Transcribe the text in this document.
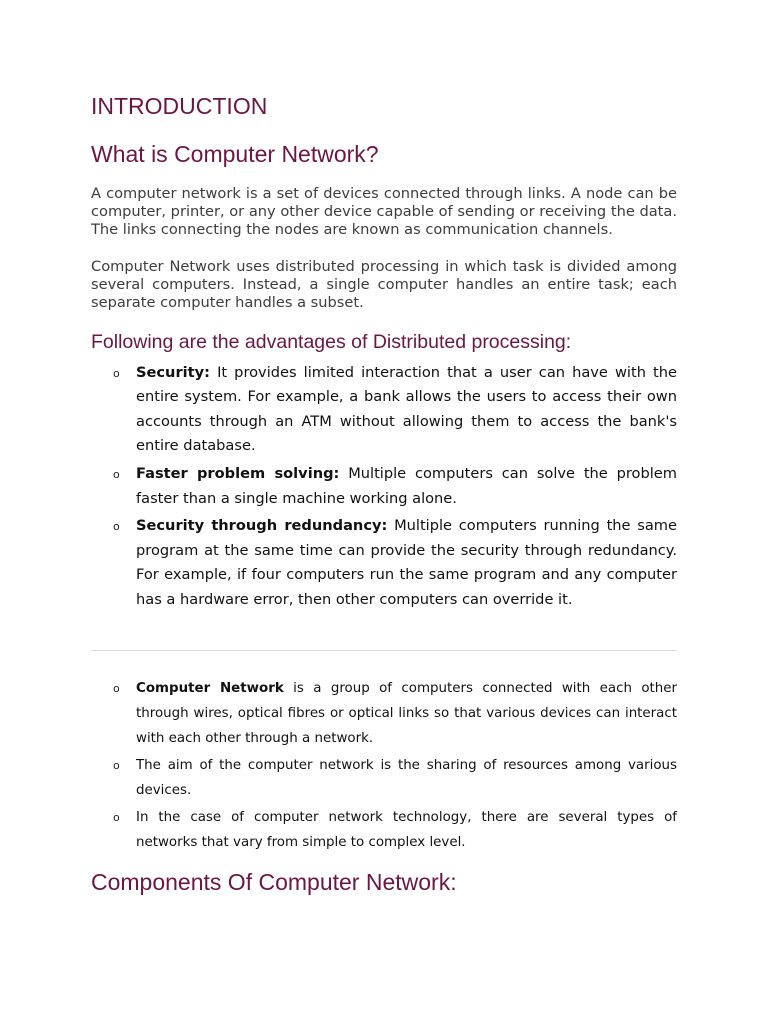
INTRODUCTION
What is Computer Network?

A computer network is a set of devices connected through links. A node can be computer, printer, or any other device capable of sending or receiving the data. The links connecting the nodes are known as communication channels.

Computer Network uses distributed processing in which task is divided among several computers. Instead, a single computer handles an entire task; each separate computer handles a subset.

Following are the advantages of Distributed processing:
o Security: It provides limited interaction that a user can have with the entire system. For example, a bank allows the users to access their own accounts through an ATM without allowing them to access the bank's entire database.
o Faster problem solving: Multiple computers can solve the problem faster than a single machine working alone.
o Security through redundancy: Multiple computers running the same program at the same time can provide the security through redundancy. For example, if four computers run the same program and any computer has a hardware error, then other computers can override it.
o Computer Network is a group of computers connected with each other through wires, optical fibres or optical links so that various devices can interact with each other through a network.
o The aim of the computer network is the sharing of resources among various devices.
o In the case of computer network technology, there are several types of networks that vary from simple to complex level.
Components Of Computer Network:
